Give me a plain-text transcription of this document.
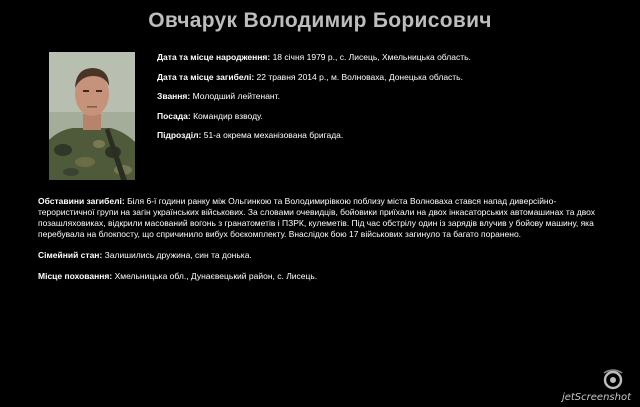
Овчарук Володимир Борисович
Дата та місце народження: 18 січня 1979 р., с. Лисець, Хмельницька область.
Дата та місце загибелі: 22 травня 2014 р., м. Волноваха, Донецька область.
Звання: Молодший лейтенант.
Посада: Командир взводу.
Підрозділ: 51-а окрема механізована бригада.

Обставини загибелі: Біля 6-ї години ранку між Ольгинкою та Володимирівкою поблизу міста Волноваха стався напад диверсійно-терористичної групи на загін українських військових. За словами очевидців, бойовики приїхали на двох інкасаторських автомашинах та двох позашляховиках, відкрили масований вогонь з гранатометів і ПЗРК, кулеметів. Під час обстрілу один із зарядів влучив у бойову машину, яка перебувала на блокпосту, що спричинило вибух боєкомплекту. Внаслідок бою 17 військових загинуло та багато поранено.

Сімейний стан: Залишились дружина, син та донька.

Місце поховання: Хмельницька обл., Дунаєвецький район, с. Лисець.

jetScreenshot
